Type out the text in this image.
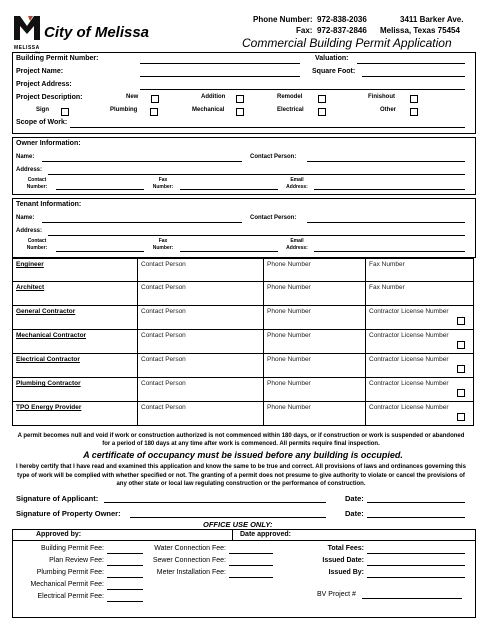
MELISSA
TX
City of Melissa
Phone Number: 972-838-2036
Fax: 972-837-2846
3411 Barker Ave.
Melissa, Texas 75454
Commercial Building Permit Application
Building Permit Number:	Valuation:
Project Name:	Square Foot:
Project Address:
Project Description:	New	Addition	Remodel	Finishout
Sign	Plumbing	Mechanical	Electrical	Other
Scope of Work:
Owner Information:
Name:	Contact Person:
Address:
Contact
Number:
Fax
Number:
Email
Address:
Tenant Information:
Name:	Contact Person:
Address:
Contact
Number:
Fax
Number:
Email
Address:
Engineer	Contact Person	Phone Number	Fax Number
Architect	Contact Person	Phone Number	Fax Number
General Contractor	Contact Person	Phone Number	Contractor License Number
Mechanical Contractor	Contact Person	Phone Number	Contractor License Number
Electrical Contractor	Contact Person	Phone Number	Contractor License Number
Plumbing Contractor	Contact Person	Phone Number	Contractor License Number
TPO Energy Provider	Contact Person	Phone Number	Contractor License Number
A permit becomes null and void if work or construction authorized is not commenced within 180 days, or if construction or work is suspended or abandoned for a period of 180 days at any time after work is commenced. All permits require final inspection.
A certificate of occupancy must be issued before any building is occupied.
I hereby certify that I have read and examined this application and know the same to be true and correct. All provisions of laws and ordinances governing this type of work will be complied with whether specified or not. The granting of a permit does not presume to give authority to violate or cancel the provisions of any other state or local law regulating construction or the performance of construction.
Signature of Applicant:	Date:
Signature of Property Owner:	Date:
OFFICE USE ONLY:
Approved by:	Date approved:
Building Permit Fee:
Plan Review Fee:
Plumbing Permit Fee:
Mechanical Permit Fee:
Electrical Permit Fee:
Water Connection Fee:
Sewer Connection Fee:
Meter Installation Fee:
Total Fees:
Issued Date:
Issued By:
BV Project #
